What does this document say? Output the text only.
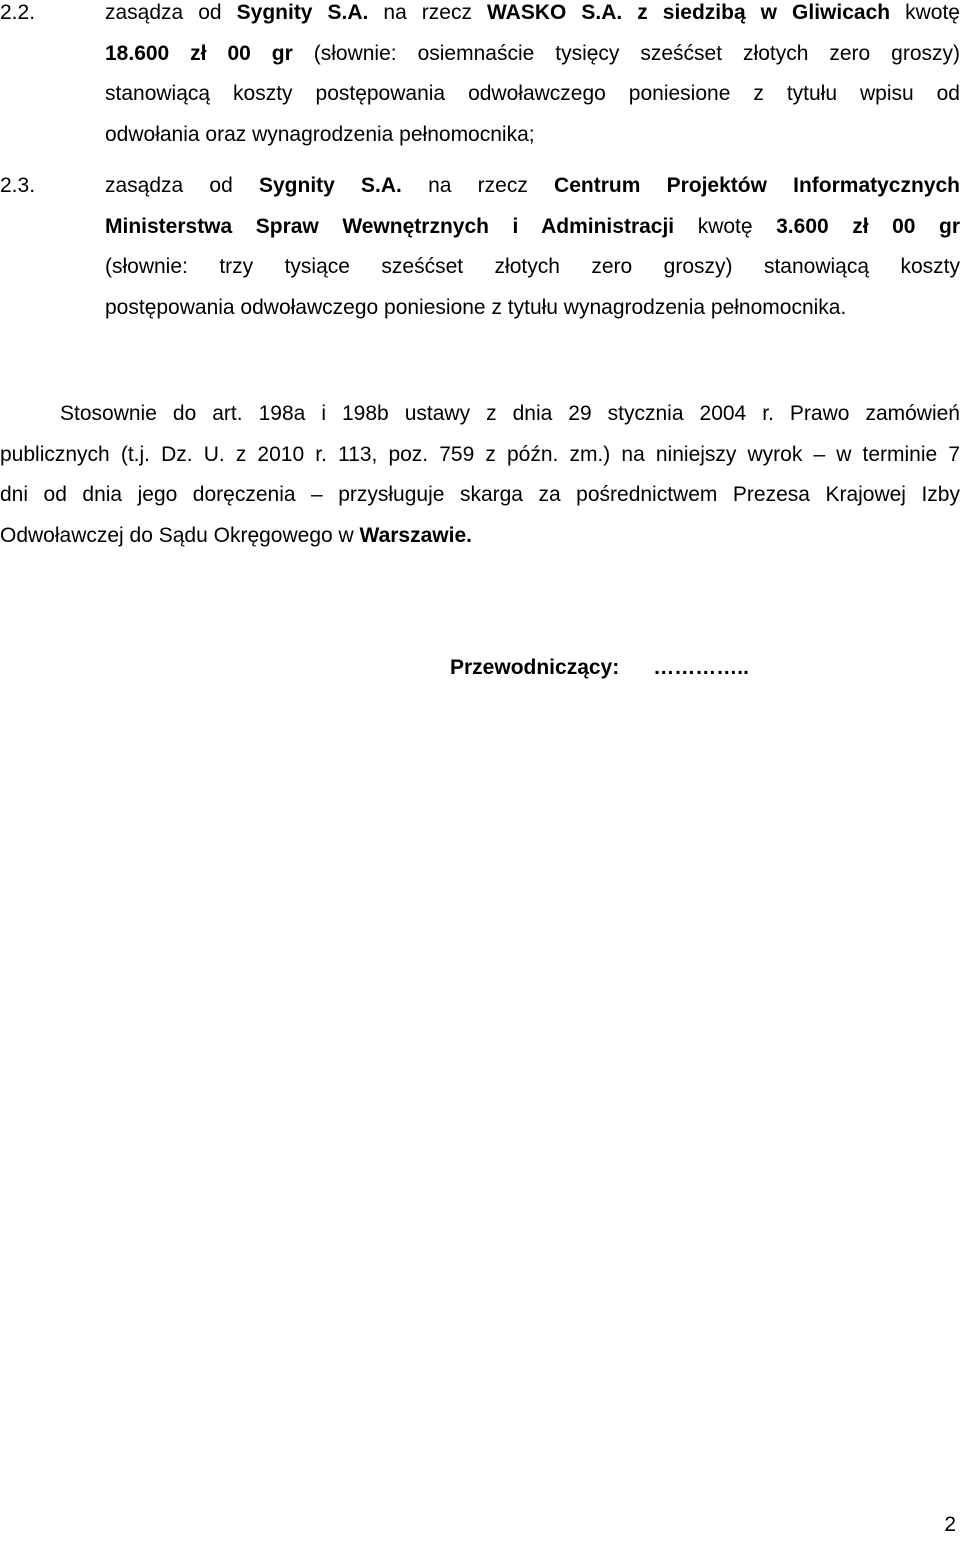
2.2.	zasądza od Sygnity S.A. na rzecz WASKO S.A. z siedzibą w Gliwicach kwotę
18.600 zł 00 gr (słownie: osiemnaście tysięcy sześćset złotych zero groszy)
stanowiącą koszty postępowania odwoławczego poniesione z tytułu wpisu od
odwołania oraz wynagrodzenia pełnomocnika;
2.3.	zasądza od Sygnity S.A. na rzecz Centrum Projektów Informatycznych
Ministerstwa Spraw Wewnętrznych i Administracji kwotę 3.600 zł 00 gr
(słownie: trzy tysiące sześćset złotych zero groszy) stanowiącą koszty
postępowania odwoławczego poniesione z tytułu wynagrodzenia pełnomocnika.
Stosownie do art. 198a i 198b ustawy z dnia 29 stycznia 2004 r. Prawo zamówień
publicznych (t.j. Dz. U. z 2010 r. 113, poz. 759 z późn. zm.) na niniejszy wyrok – w terminie 7
dni od dnia jego doręczenia – przysługuje skarga za pośrednictwem Prezesa Krajowej Izby
Odwoławczej do Sądu Okręgowego w Warszawie.
Przewodniczący: …………..
2
